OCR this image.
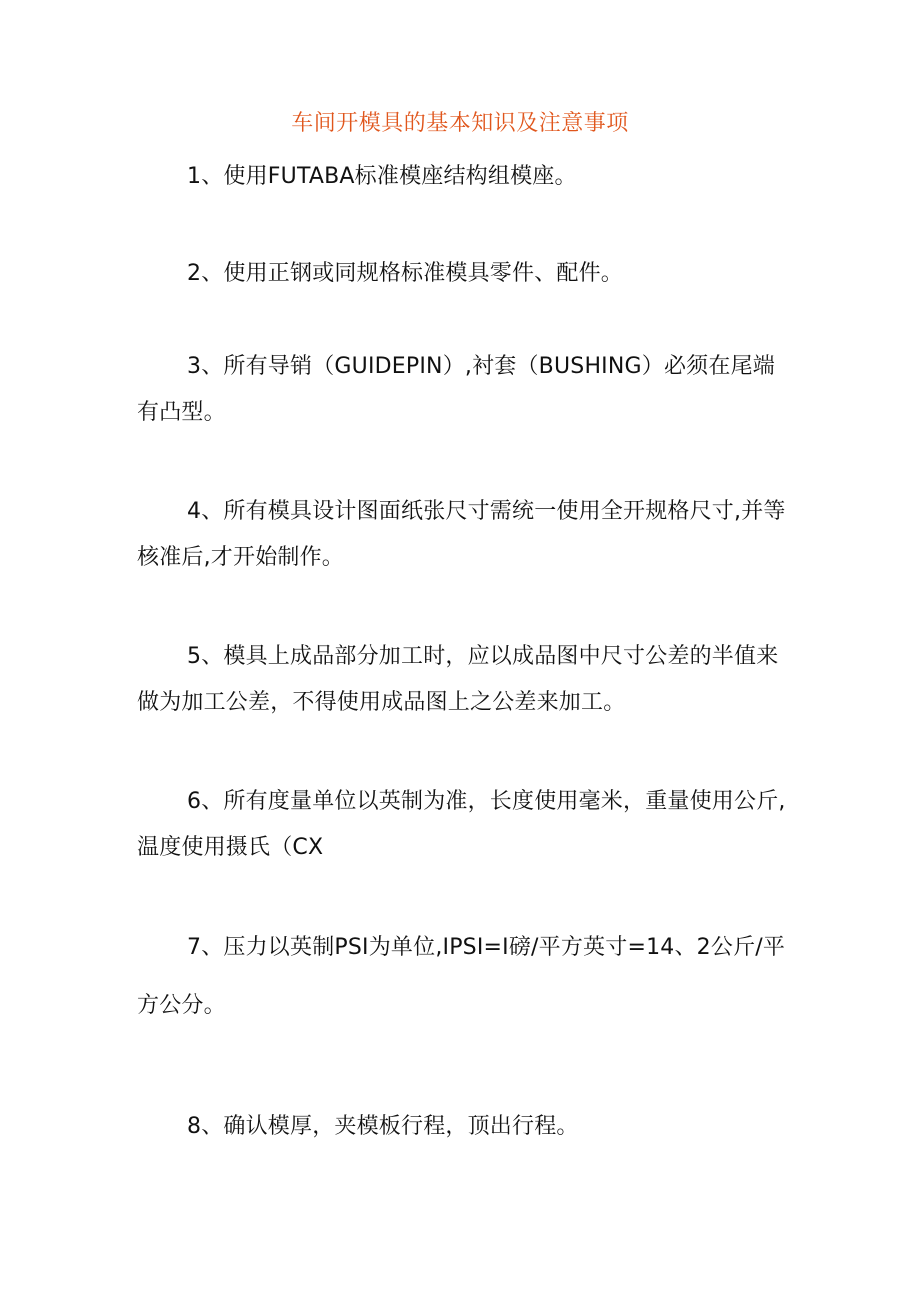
车间开模具的基本知识及注意事项
1、使用FUTABA标准模座结构组模座。
2、使用正钢或同规格标准模具零件、配件。
3、所有导销（GUIDEPIN）,衬套（BUSHING）必须在尾端有凸型。
4、所有模具设计图面纸张尺寸需统一使用全开规格尺寸,并等核准后,才开始制作。
5、模具上成品部分加工时，应以成品图中尺寸公差的半值来做为加工公差，不得使用成品图上之公差来加工。
6、所有度量单位以英制为准，长度使用毫米，重量使用公斤,温度使用摄氏（CX
7、压力以英制PSI为单位,IPSI=I磅/平方英寸=14、2公斤/平方公分。
8、确认模厚，夹模板行程，顶出行程。
